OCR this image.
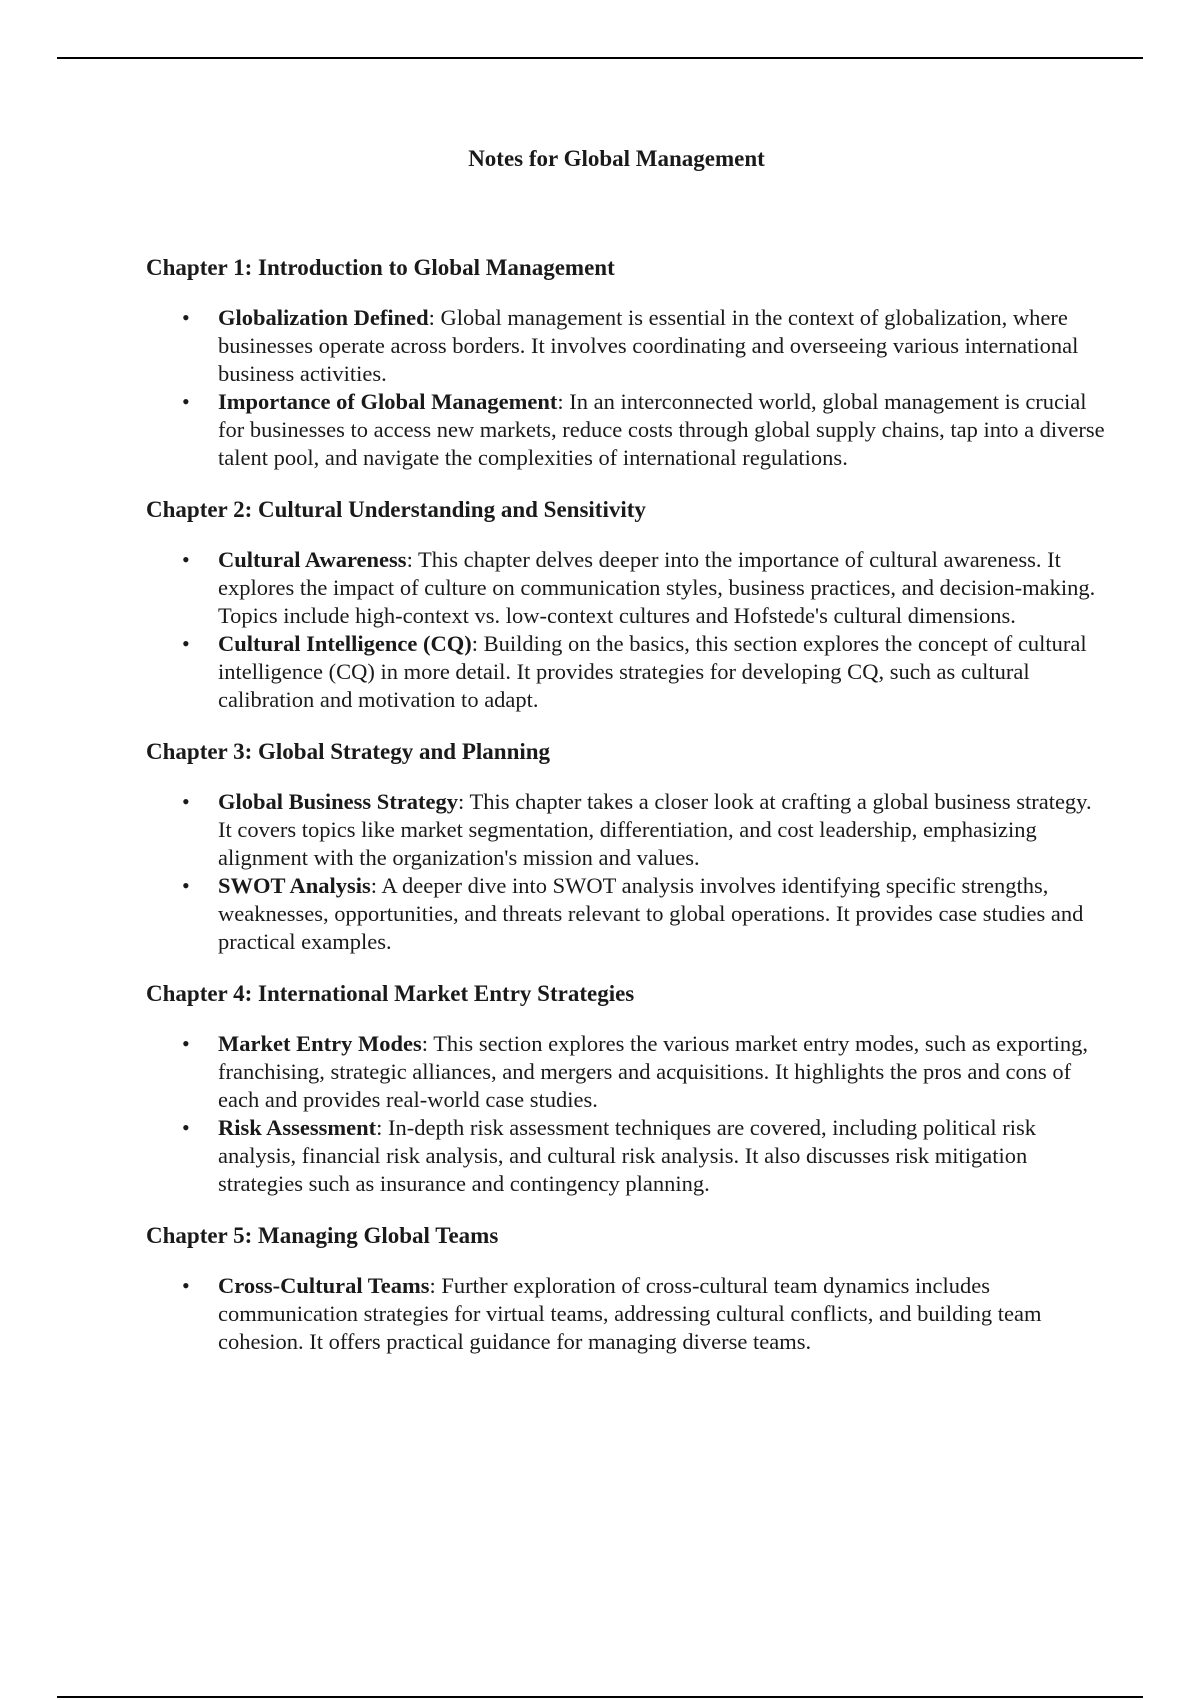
Notes for Global Management
Chapter 1: Introduction to Global Management
• Globalization Defined: Global management is essential in the context of globalization, where businesses operate across borders. It involves coordinating and overseeing various international business activities.
• Importance of Global Management: In an interconnected world, global management is crucial for businesses to access new markets, reduce costs through global supply chains, tap into a diverse talent pool, and navigate the complexities of international regulations.
Chapter 2: Cultural Understanding and Sensitivity
• Cultural Awareness: This chapter delves deeper into the importance of cultural awareness. It explores the impact of culture on communication styles, business practices, and decision-making. Topics include high-context vs. low-context cultures and Hofstede's cultural dimensions.
• Cultural Intelligence (CQ): Building on the basics, this section explores the concept of cultural intelligence (CQ) in more detail. It provides strategies for developing CQ, such as cultural calibration and motivation to adapt.
Chapter 3: Global Strategy and Planning
• Global Business Strategy: This chapter takes a closer look at crafting a global business strategy. It covers topics like market segmentation, differentiation, and cost leadership, emphasizing alignment with the organization's mission and values.
• SWOT Analysis: A deeper dive into SWOT analysis involves identifying specific strengths, weaknesses, opportunities, and threats relevant to global operations. It provides case studies and practical examples.
Chapter 4: International Market Entry Strategies
• Market Entry Modes: This section explores the various market entry modes, such as exporting, franchising, strategic alliances, and mergers and acquisitions. It highlights the pros and cons of each and provides real-world case studies.
• Risk Assessment: In-depth risk assessment techniques are covered, including political risk analysis, financial risk analysis, and cultural risk analysis. It also discusses risk mitigation strategies such as insurance and contingency planning.
Chapter 5: Managing Global Teams
• Cross-Cultural Teams: Further exploration of cross-cultural team dynamics includes communication strategies for virtual teams, addressing cultural conflicts, and building team cohesion. It offers practical guidance for managing diverse teams.
